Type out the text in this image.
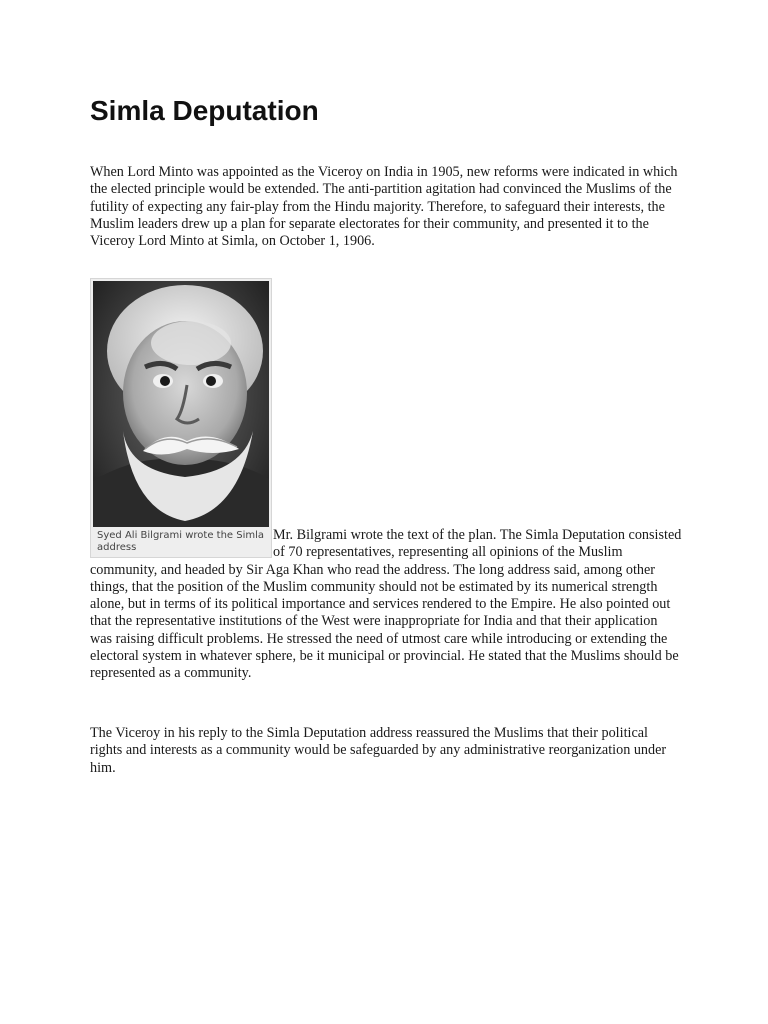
Simla Deputation

When Lord Minto was appointed as the Viceroy on India in 1905, new reforms were indicated in which the elected principle would be extended. The anti-partition agitation had convinced the Muslims of the futility of expecting any fair-play from the Hindu majority. Therefore, to safeguard their interests, the Muslim leaders drew up a plan for separate electorates for their community, and presented it to the Viceroy Lord Minto at Simla, on October 1, 1906.

Syed Ali Bilgrami wrote the Simla address
Mr. Bilgrami wrote the text of the plan. The Simla Deputation consisted of 70 representatives, representing all opinions of the Muslim community, and headed by Sir Aga Khan who read the address. The long address said, among other things, that the position of the Muslim community should not be estimated by its numerical strength alone, but in terms of its political importance and services rendered to the Empire. He also pointed out that the representative institutions of the West were inappropriate for India and that their application was raising difficult problems. He stressed the need of utmost care while introducing or extending the electoral system in whatever sphere, be it municipal or provincial. He stated that the Muslims should be represented as a community.

The Viceroy in his reply to the Simla Deputation address reassured the Muslims that their political rights and interests as a community would be safeguarded by any administrative reorganization under him.
